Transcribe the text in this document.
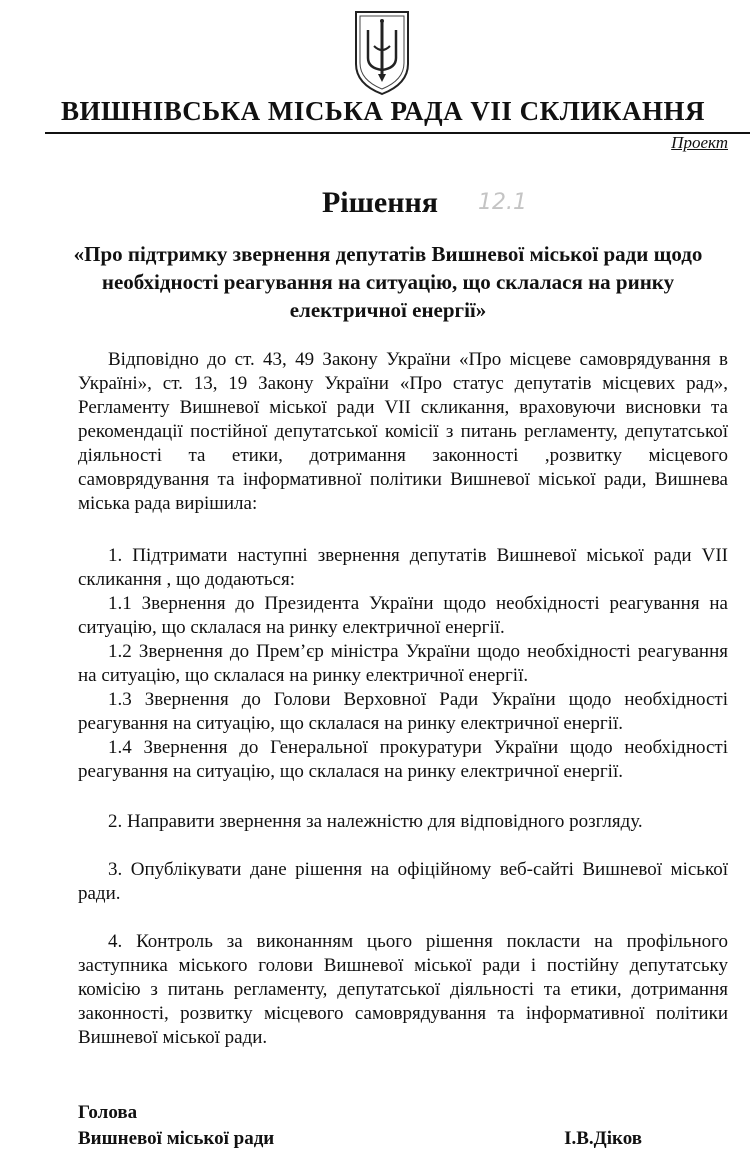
ВИШНІВСЬКА МІСЬКА РАДА VІІ СКЛИКАННЯ
Проект
Рішення	12.1
«Про підтримку звернення депутатів Вишневої міської ради щодо необхідності реагування на ситуацію, що склалася на ринку електричної енергії»
Відповідно до ст. 43, 49 Закону України «Про місцеве самоврядування в Україні», ст. 13, 19 Закону України «Про статус депутатів місцевих рад», Регламенту Вишневої міської ради VІІ скликання, враховуючи висновки та рекомендації постійної депутатської комісії з питань регламенту, депутатської діяльності та етики, дотримання законності ,розвитку місцевого самоврядування та інформативної політики Вишневої міської ради, Вишнева міська рада вирішила:
1. Підтримати наступні звернення депутатів Вишневої міської ради VІІ скликання , що додаються:
1.1 Звернення до Президента України щодо необхідності реагування на ситуацію, що склалася на ринку електричної енергії.
1.2 Звернення до Прем’єр міністра України щодо необхідності реагування на ситуацію, що склалася на ринку електричної енергії.
1.3 Звернення до Голови Верховної Ради України щодо необхідності реагування на ситуацію, що склалася на ринку електричної енергії.
1.4 Звернення до Генеральної прокуратури України щодо необхідності реагування на ситуацію, що склалася на ринку електричної енергії.
2. Направити звернення за належністю для відповідного розгляду.
3. Опублікувати дане рішення на офіційному веб-сайті Вишневої міської ради.
4. Контроль за виконанням цього рішення покласти на профільного заступника міського голови Вишневої міської ради і постійну депутатську комісію з питань регламенту, депутатської діяльності та етики, дотримання законності, розвитку місцевого самоврядування та інформативної політики Вишневої міської ради.
Голова
Вишневої міської ради	І.В.Діков
